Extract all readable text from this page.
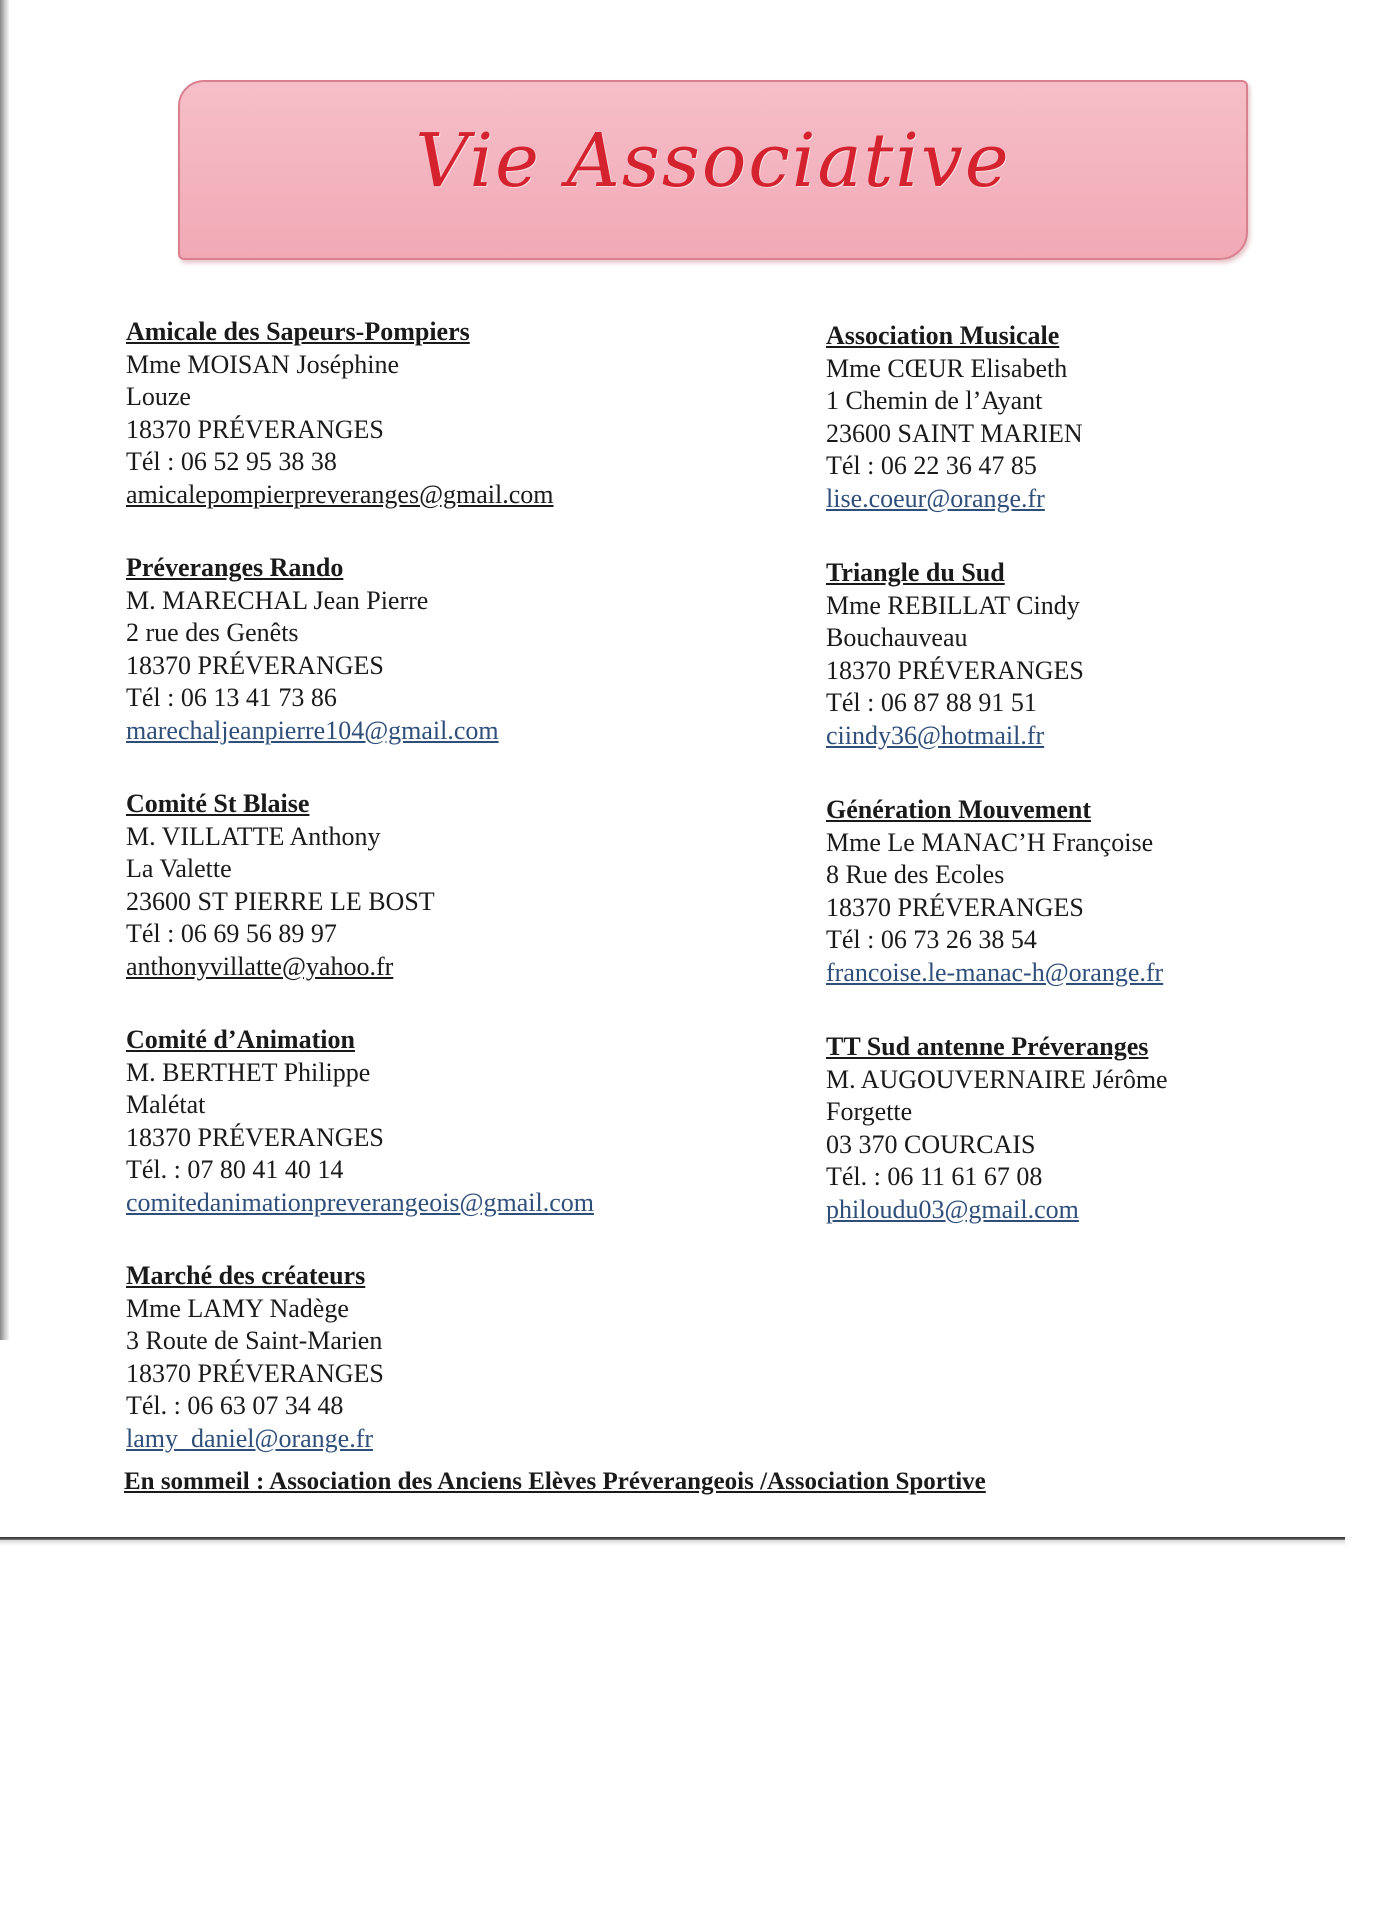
Vie Associative
Amicale des Sapeurs-Pompiers
Mme MOISAN Joséphine
Louze
18370 PRÉVERANGES
Tél : 06 52 95 38 38
amicalepompierpreveranges@gmail.com
Préveranges Rando
M. MARECHAL Jean Pierre
2 rue des Genêts
18370 PRÉVERANGES
Tél : 06 13 41 73 86
marechaljeanpierre104@gmail.com
Comité St Blaise
M. VILLATTE Anthony
La Valette
23600 ST PIERRE LE BOST
Tél : 06 69 56 89 97
anthonyvillatte@yahoo.fr
Comité d’Animation
M. BERTHET Philippe
Malétat
18370 PRÉVERANGES
Tél. : 07 80 41 40 14
comitedanimationpreverangeois@gmail.com
Marché des créateurs
Mme LAMY Nadège
3 Route de Saint-Marien
18370 PRÉVERANGES
Tél. : 06 63 07 34 48
lamy_daniel@orange.fr
Association Musicale
Mme CŒUR Elisabeth
1 Chemin de l’Ayant
23600 SAINT MARIEN
Tél : 06 22 36 47 85
lise.coeur@orange.fr
Triangle du Sud
Mme REBILLAT Cindy
Bouchauveau
18370 PRÉVERANGES
Tél : 06 87 88 91 51
ciindy36@hotmail.fr
Génération Mouvement
Mme Le MANAC’H Françoise
8 Rue des Ecoles
18370 PRÉVERANGES
Tél : 06 73 26 38 54
francoise.le-manac-h@orange.fr
TT Sud antenne Préveranges
M. AUGOUVERNAIRE Jérôme
Forgette
03 370 COURCAIS
Tél. : 06 11 61 67 08
philoudu03@gmail.com
En sommeil : Association des Anciens Elèves Préverangeois /Association Sportive
